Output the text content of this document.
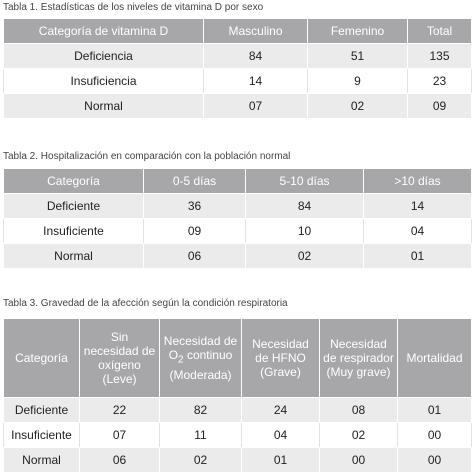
Tabla 1. Estadísticas de los niveles de vitamina D por sexo

Categoría de vitamina D	Masculino	Femenino	Total
Deficiencia	84	51	135
Insuficiencia	14	9	23
Normal	07	02	09

Tabla 2. Hospitalización en comparación con la población normal

Categoría	0-5 días	5-10 días	>10 días
Deficiente	36	84	14
Insuficiente	09	10	04
Normal	06	02	01

Tabla 3. Gravedad de la afección según la condición respiratoria

Categoría	Sin necesidad de oxígeno (Leve)	Necesidad de $O_2$ continuo (Moderada)	Necesidad de HFNO (Grave)	Necesidad de respirador (Muy grave)	Mortalidad
Deficiente	22	82	24	08	01
Insuficiente	07	11	04	02	00
Normal	06	02	01	00	00
